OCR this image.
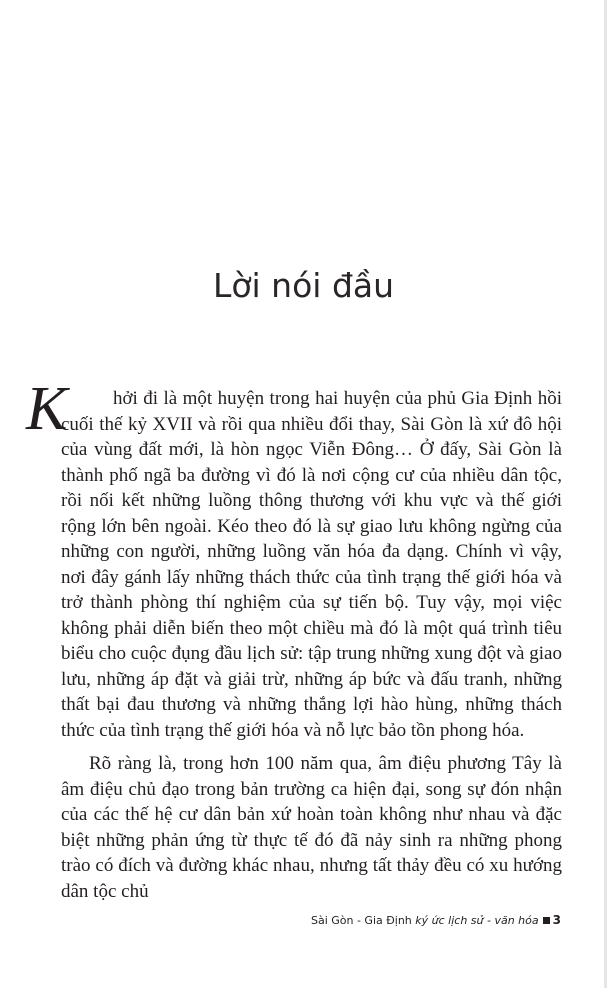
Lời nói đầu
K	hởi đi là một huyện trong hai huyện của phủ Gia Định hồi cuối thế kỷ XVII và rồi qua nhiều đổi thay, Sài Gòn là xứ đô hội của vùng đất mới, là hòn ngọc Viễn Đông… Ở đấy, Sài Gòn là thành phố ngã ba đường vì đó là nơi cộng cư của nhiều dân tộc, rồi nối kết những luồng thông thương với khu vực và thế giới rộng lớn bên ngoài. Kéo theo đó là sự giao lưu không ngừng của những con người, những luồng văn hóa đa dạng. Chính vì vậy, nơi đây gánh lấy những thách thức của tình trạng thế giới hóa và trở thành phòng thí nghiệm của sự tiến bộ. Tuy vậy, mọi việc không phải diễn biến theo một chiều mà đó là một quá trình tiêu biểu cho cuộc đụng đầu lịch sử: tập trung những xung đột và giao lưu, những áp đặt và giải trừ, những áp bức và đấu tranh, những thất bại đau thương và những thắng lợi hào hùng, những thách thức của tình trạng thế giới hóa và nỗ lực bảo tồn phong hóa.

Rõ ràng là, trong hơn 100 năm qua, âm điệu phương Tây là âm điệu chủ đạo trong bản trường ca hiện đại, song sự đón nhận của các thế hệ cư dân bản xứ hoàn toàn không như nhau và đặc biệt những phản ứng từ thực tế đó đã nảy sinh ra những phong trào có đích và đường khác nhau, nhưng tất thảy đều có xu hướng dân tộc chủ

Sài Gòn - Gia Định ký ức lịch sử - văn hóa 3
